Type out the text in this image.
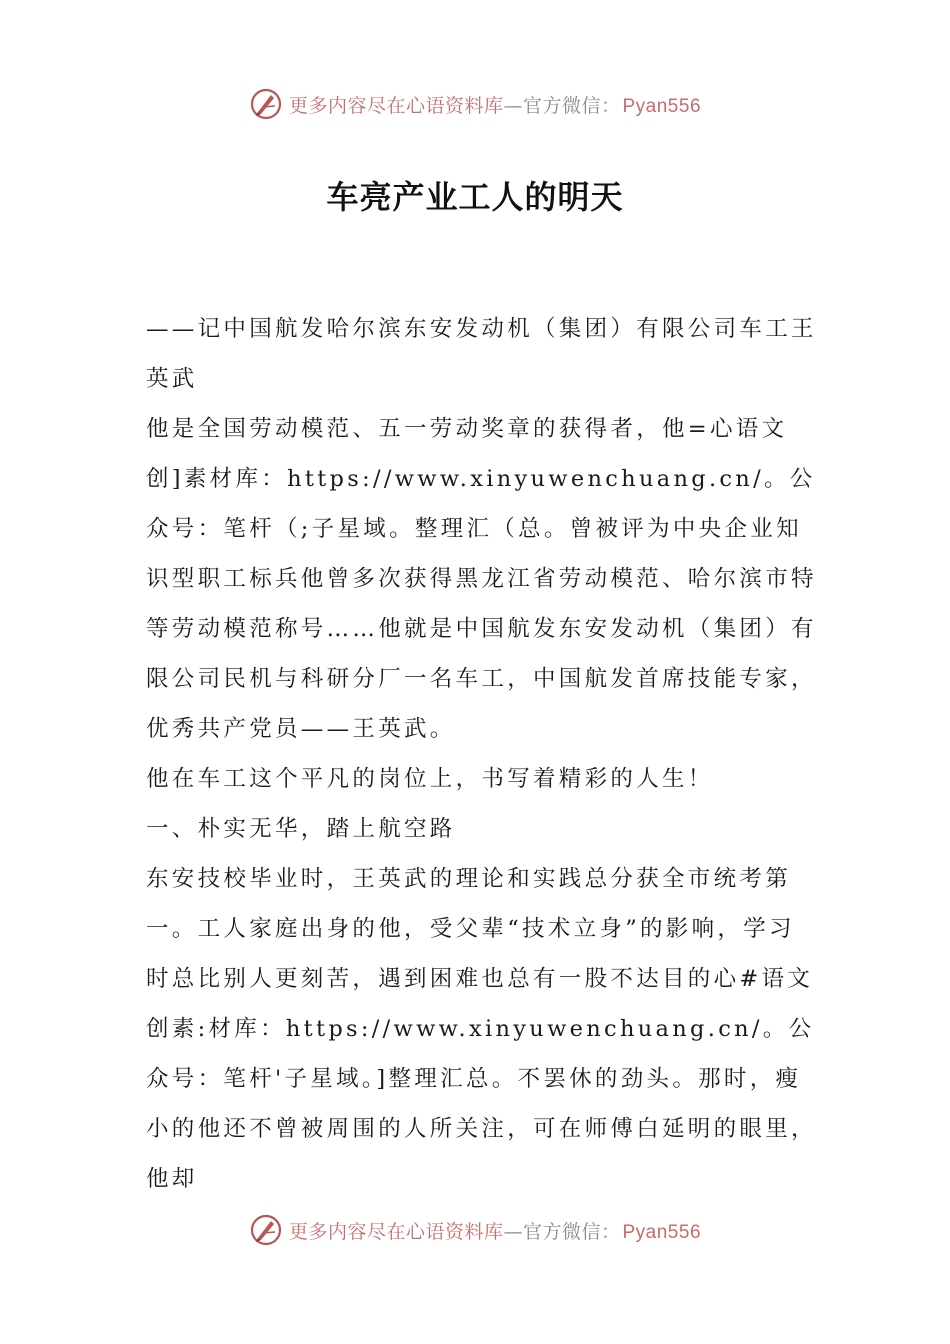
更多内容尽在心语资料库—官方微信： Pyan556
车亮产业工人的明天

——记中国航发哈尔滨东安发动机（集团）有限公司车工王英武

他是全国劳动模范、五一劳动奖章的获得者，他=心语文创]素材库：https://www.xinyuwenchuang.cn/。公众号：笔杆（;子星域。整理汇（总。曾被评为中央企业知识型职工标兵他曾多次获得黑龙江省劳动模范、哈尔滨市特等劳动模范称号……他就是中国航发东安发动机（集团）有限公司民机与科研分厂一名车工，中国航发首席技能专家，优秀共产党员——王英武。

他在车工这个平凡的岗位上，书写着精彩的人生！

一、朴实无华，踏上航空路

东安技校毕业时，王英武的理论和实践总分获全市统考第一。工人家庭出身的他，受父辈“技术立身”的影响，学习时总比别人更刻苦，遇到困难也总有一股不达目的心#语文创素:材库：https://www.xinyuwenchuang.cn/。公众号：笔杆'子星域。]整理汇总。不罢休的劲头。那时，瘦小的他还不曾被周围的人所关注，可在师傅白延明的眼里，他却

更多内容尽在心语资料库—官方微信： Pyan556
